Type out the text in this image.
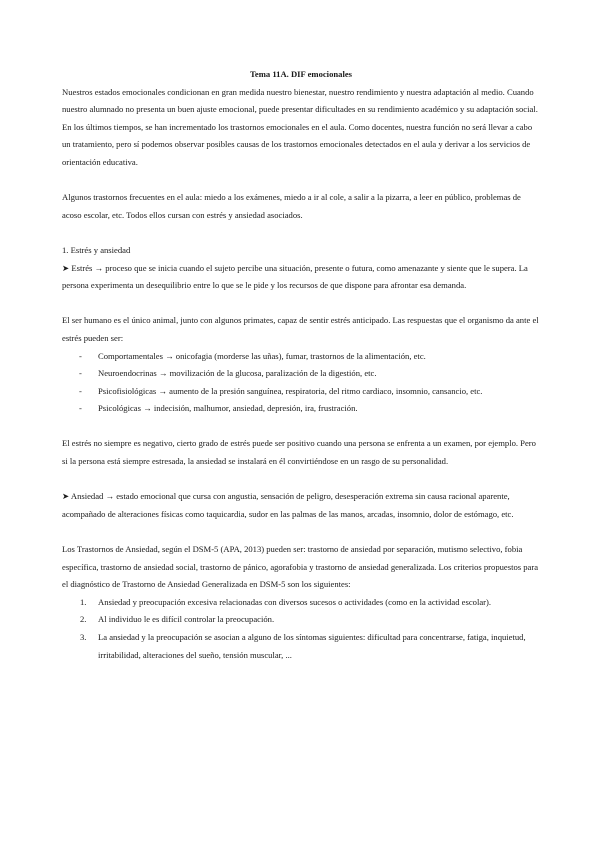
Tema 11A. DIF emocionales

Nuestros estados emocionales condicionan en gran medida nuestro bienestar, nuestro rendimiento y nuestra adaptación al medio. Cuando nuestro alumnado no presenta un buen ajuste emocional, puede presentar dificultades en su rendimiento académico y su adaptación social. En los últimos tiempos, se han incrementado los trastornos emocionales en el aula. Como docentes, nuestra función no será llevar a cabo un tratamiento, pero sí podemos observar posibles causas de los trastornos emocionales detectados en el aula y derivar a los servicios de orientación educativa.

Algunos trastornos frecuentes en el aula: miedo a los exámenes, miedo a ir al cole, a salir a la pizarra, a leer en público, problemas de acoso escolar, etc. Todos ellos cursan con estrés y ansiedad asociados.

1. Estrés y ansiedad

➤ Estrés → proceso que se inicia cuando el sujeto percibe una situación, presente o futura, como amenazante y siente que le supera. La persona experimenta un desequilibrio entre lo que se le pide y los recursos de que dispone para afrontar esa demanda.

El ser humano es el único animal, junto con algunos primates, capaz de sentir estrés anticipado. Las respuestas que el organismo da ante el estrés pueden ser:

- Comportamentales → onicofagia (morderse las uñas), fumar, trastornos de la alimentación, etc.
- Neuroendocrinas → movilización de la glucosa, paralización de la digestión, etc.
- Psicofisiológicas → aumento de la presión sanguínea, respiratoria, del ritmo cardiaco, insomnio, cansancio, etc.
- Psicológicas → indecisión, malhumor, ansiedad, depresión, ira, frustración.

El estrés no siempre es negativo, cierto grado de estrés puede ser positivo cuando una persona se enfrenta a un examen, por ejemplo. Pero si la persona está siempre estresada, la ansiedad se instalará en él convirtiéndose en un rasgo de su personalidad.

➤ Ansiedad → estado emocional que cursa con angustia, sensación de peligro, desesperación extrema sin causa racional aparente, acompañado de alteraciones físicas como taquicardia, sudor en las palmas de las manos, arcadas, insomnio, dolor de estómago, etc.

Los Trastornos de Ansiedad, según el DSM-5 (APA, 2013) pueden ser: trastorno de ansiedad por separación, mutismo selectivo, fobia específica, trastorno de ansiedad social, trastorno de pánico, agorafobia y trastorno de ansiedad generalizada. Los criterios propuestos para el diagnóstico de Trastorno de Ansiedad Generalizada en DSM-5 son los siguientes:

1. Ansiedad y preocupación excesiva relacionadas con diversos sucesos o actividades (como en la actividad escolar).
2. Al individuo le es difícil controlar la preocupación.
3. La ansiedad y la preocupación se asocian a alguno de los síntomas siguientes: dificultad para concentrarse, fatiga, inquietud, irritabilidad, alteraciones del sueño, tensión muscular, ...
